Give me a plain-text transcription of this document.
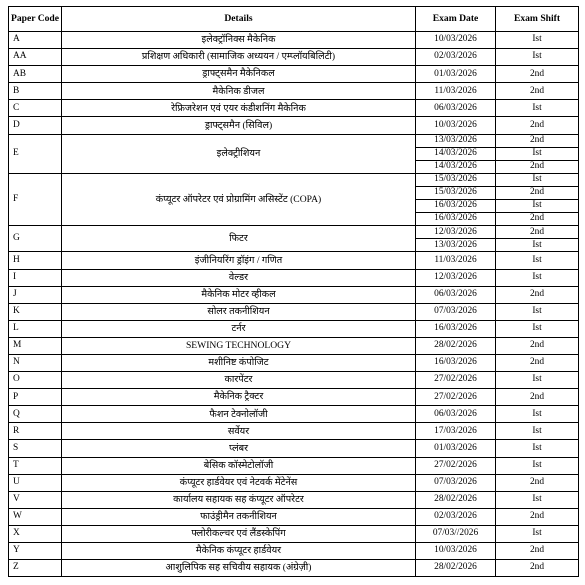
Paper Code	Details	Exam Date	Exam Shift
A	इलेक्ट्रॉनिक्स मैकेनिक	10/03/2026	Ist
AA	प्रशिक्षण अधिकारी (सामाजिक अध्ययन / एम्प्लॉयबिलिटी)	02/03/2026	Ist
AB	ड्राफ्ट्समैन मैकेनिकल	01/03/2026	2nd
B	मैकेनिक डीजल	11/03/2026	2nd
C	रेफ्रिजरेशन एवं एयर कंडीशनिंग मैकेनिक	06/03/2026	Ist
D	ड्राफ्ट्समैन (सिविल)	10/03/2026	2nd
E	इलेक्ट्रीशियन	13/03/2026	2nd
		14/03/2026	Ist
		14/03/2026	2nd
F	कंप्यूटर ऑपरेटर एवं प्रोग्रामिंग असिस्टेंट (COPA)	15/03/2026	Ist
		15/03/2026	2nd
		16/03/2026	Ist
		16/03/2026	2nd
G	फिटर	12/03/2026	2nd
		13/03/2026	Ist
H	इंजीनियरिंग ड्रॉइंग / गणित	11/03/2026	Ist
I	वेल्डर	12/03/2026	Ist
J	मैकेनिक मोटर व्हीकल	06/03/2026	2nd
K	सोलर तकनीशियन	07/03/2026	Ist
L	टर्नर	16/03/2026	Ist
M	SEWING TECHNOLOGY	28/02/2026	2nd
N	मशीनिष्ट कंपोजिट	16/03/2026	2nd
O	कारपेंटर	27/02/2026	Ist
P	मैकेनिक ट्रैक्टर	27/02/2026	2nd
Q	फैशन टेक्नोलॉजी	06/03/2026	Ist
R	सर्वेयर	17/03/2026	Ist
S	प्लंबर	01/03/2026	Ist
T	बेसिक कॉस्मेटोलॉजी	27/02/2026	Ist
U	कंप्यूटर हार्डवेयर एवं नेटवर्क मेंटेनेंस	07/03/2026	2nd
V	कार्यालय सहायक सह कंप्यूटर ऑपरेटर	28/02/2026	Ist
W	फाउंड्रीमैन तकनीशियन	02/03/2026	2nd
X	फ्लोरीकल्चर एवं लैंडस्केपिंग	07/03//2026	Ist
Y	मैकेनिक कंप्यूटर हार्डवेयर	10/03/2026	2nd
Z	आशुलिपिक सह सचिवीय सहायक (अंग्रेज़ी)	28/02/2026	2nd
